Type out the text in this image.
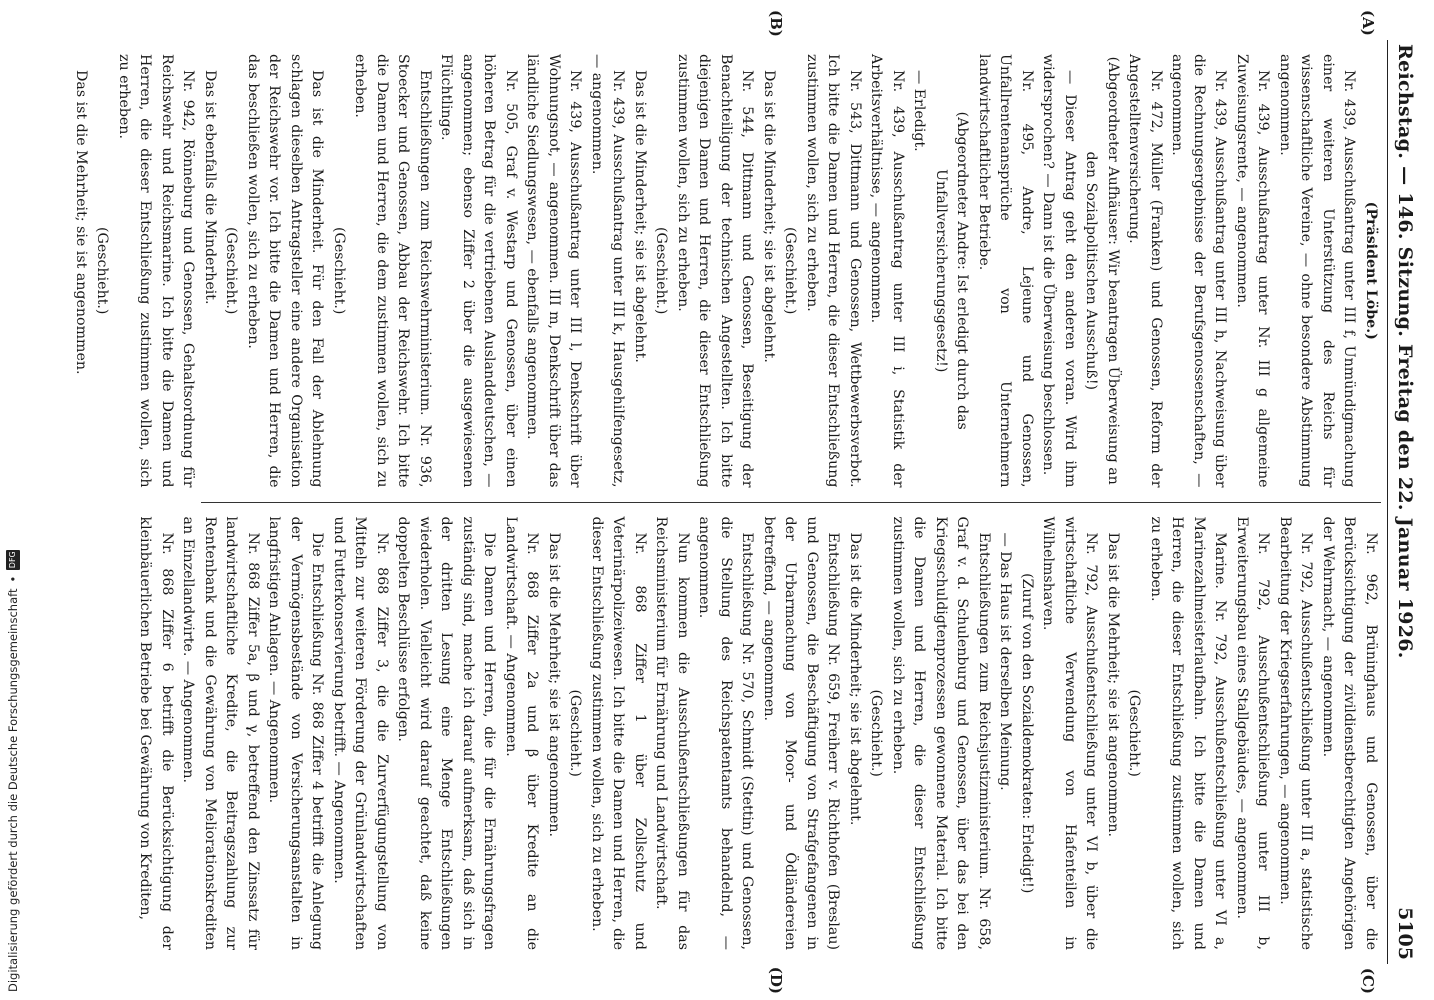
Digitalisierung gefördert durch die Deutsche Forschungsgemeinschaft
•
DFG	Reichstag. — 146. Sitzung. Freitag den 22. Januar 1926.
5105
(A)
(B)
(C)
(D)

(Präsident Löbe.)

Nr. 439, Ausschußantrag unter III f, Unmündigmachung einer weiteren Unterstützung des Reichs für wissenschaftliche Vereine, — ohne besondere Abstimmung angenommen.

Nr. 439, Ausschußantrag unter Nr. III g allgemeine Zuweisungsrente, — angenommen.

Nr. 439, Ausschußantrag unter III h, Nachweisung über die Rechnungsergebnisse der Berufsgenossenschaften, — angenommen.

Nr. 472, Müller (Franken) und Genossen, Reform der Angestelltenversicherung.

(Abgeordneter Aufhäuser: Wir beantragen Überweisung an den Sozialpolitischen Ausschuß!)

— Dieser Antrag geht den anderen voran. Wird ihm widersprochen? — Dann ist die Überweisung beschlossen.

Nr. 495, Andre, Lejeune und Genossen, Unfallrentenansprüche von Unternehmern landwirtschaftlicher Betriebe.

(Abgeordneter Andre: Ist erledigt durch das Unfallversicherungsgesetz!)

— Erledigt.

Nr. 439, Ausschußantrag unter III i, Statistik der Arbeitsverhältnisse, — angenommen.

Nr. 543, Dittmann und Genossen, Wettbewerbsverbot. Ich bitte die Damen und Herren, die dieser Entschließung zustimmen wollen, sich zu erheben.

(Geschieht.)

Das ist die Minderheit; sie ist abgelehnt.

Nr. 544, Dittmann und Genossen, Beseitigung der Benachteiligung der technischen Angestellten. Ich bitte diejenigen Damen und Herren, die dieser Entschließung zustimmen wollen, sich zu erheben.

(Geschieht.)

Das ist die Minderheit; sie ist abgelehnt.

Nr. 439, Ausschußantrag unter III k, Hausgehilfengesetz, — angenommen.

Nr. 439, Ausschußantrag unter III l, Denkschrift über Wohnungsnot, — angenommen. III m, Denkschrift über das ländliche Siedlungswesen, — ebenfalls angenommen.

Nr. 505, Graf v. Westarp und Genossen, über einen höheren Betrag für die vertriebenen Auslanddeutschen, — angenommen; ebenso Ziffer 2 über die ausgewiesenen Flüchtlinge.

Entschließungen zum Reichswehrministerium. Nr. 936, Stoecker und Genossen, Abbau der Reichswehr. Ich bitte die Damen und Herren, die dem zustimmen wollen, sich zu erheben.

(Geschieht.)

Das ist die Minderheit. Für den Fall der Ablehnung schlagen dieselben Antragsteller eine andere Organisation der Reichswehr vor. Ich bitte die Damen und Herren, die das beschließen wollen, sich zu erheben.

(Geschieht.)

Das ist ebenfalls die Minderheit.

Nr. 942, Rönneburg und Genossen, Gehaltsordnung für Reichswehr und Reichsmarine. Ich bitte die Damen und Herren, die dieser Entschließung zustimmen wollen, sich zu erheben.

(Geschieht.)

Das ist die Mehrheit; sie ist angenommen.

Nr. 962, Brüninghaus und Genossen, über die Berücksichtigung der zivildienstberechtigten Angehörigen der Wehrmacht, — angenommen.

Nr. 792, Ausschußentschließung unter III a, statistische Bearbeitung der Kriegserfahrungen, — angenommen.

Nr. 792, Ausschußentschließung unter III b, Erweiterungsbau eines Stallgebäudes, — angenommen.

Marine. Nr. 792, Ausschußentschließung unter VI a, Marinezahlmeisterlaufbahn. Ich bitte die Damen und Herren, die dieser Entschließung zustimmen wollen, sich zu erheben.

(Geschieht.)

Das ist die Mehrheit; sie ist angenommen.

Nr. 792, Ausschußentschließung unter VI b, über die wirtschaftliche Verwendung von Hafenteilen in Wilhelmshaven.

(Zuruf von den Sozialdemokraten: Erledigt!)

— Das Haus ist derselben Meinung.

Entschließungen zum Reichsjustizministerium. Nr. 658, Graf v. d. Schulenburg und Genossen, über das bei den Kriegsschuldigtenprozessen gewonnene Material. Ich bitte die Damen und Herren, die dieser Entschließung zustimmen wollen, sich zu erheben.

(Geschieht.)

Das ist die Minderheit; sie ist abgelehnt.

Entschließung Nr. 659, Freiherr v. Richthofen (Breslau) und Genossen, die Beschäftigung von Strafgefangenen in der Urbarmachung von Moor- und Ödländereien betreffend, — angenommen.

Entschließung Nr. 570, Schmidt (Stettin) und Genossen, die Stellung des Reichspatentamts behandelnd, — angenommen.

Nun kommen die Ausschußentschließungen für das Reichsministerium für Ernährung und Landwirtschaft.

Nr. 868 Ziffer 1 über Zollschutz und Veterinärpolizeiwesen. Ich bitte die Damen und Herren, die dieser Entschließung zustimmen wollen, sich zu erheben.

(Geschieht.)

Das ist die Mehrheit; sie ist angenommen.

Nr. 868 Ziffer 2a und β über Kredite an die Landwirtschaft. — Angenommen.

Die Damen und Herren, die für die Ernährungsfragen zuständig sind, mache ich darauf aufmerksam, daß sich in der dritten Lesung eine Menge Entschließungen wiederholen. Vielleicht wird darauf geachtet, daß keine doppelten Beschlüsse erfolgen.

Nr. 868 Ziffer 3, die die Zurverfügungstellung von Mitteln zur weiteren Förderung der Grünlandwirtschaften und Futterkonservierung betrifft. — Angenommen.

Die Entschließung Nr. 868 Ziffer 4 betrifft die Anlegung der Vermögensbestände von Versicherungsanstalten in langfristigen Anlagen. — Angenommen.

Nr. 868 Ziffer 5a, β und γ, betreffend den Zinssatz für landwirtschaftliche Kredite, die Beitragszahlung zur Rentenbank und die Gewährung von Meliorationskrediten an Einzellandwirte. — Angenommen.

Nr. 868 Ziffer 6 betrifft die Berücksichtigung der kleinbäuerlichen Betriebe bei Gewährung von Krediten,
